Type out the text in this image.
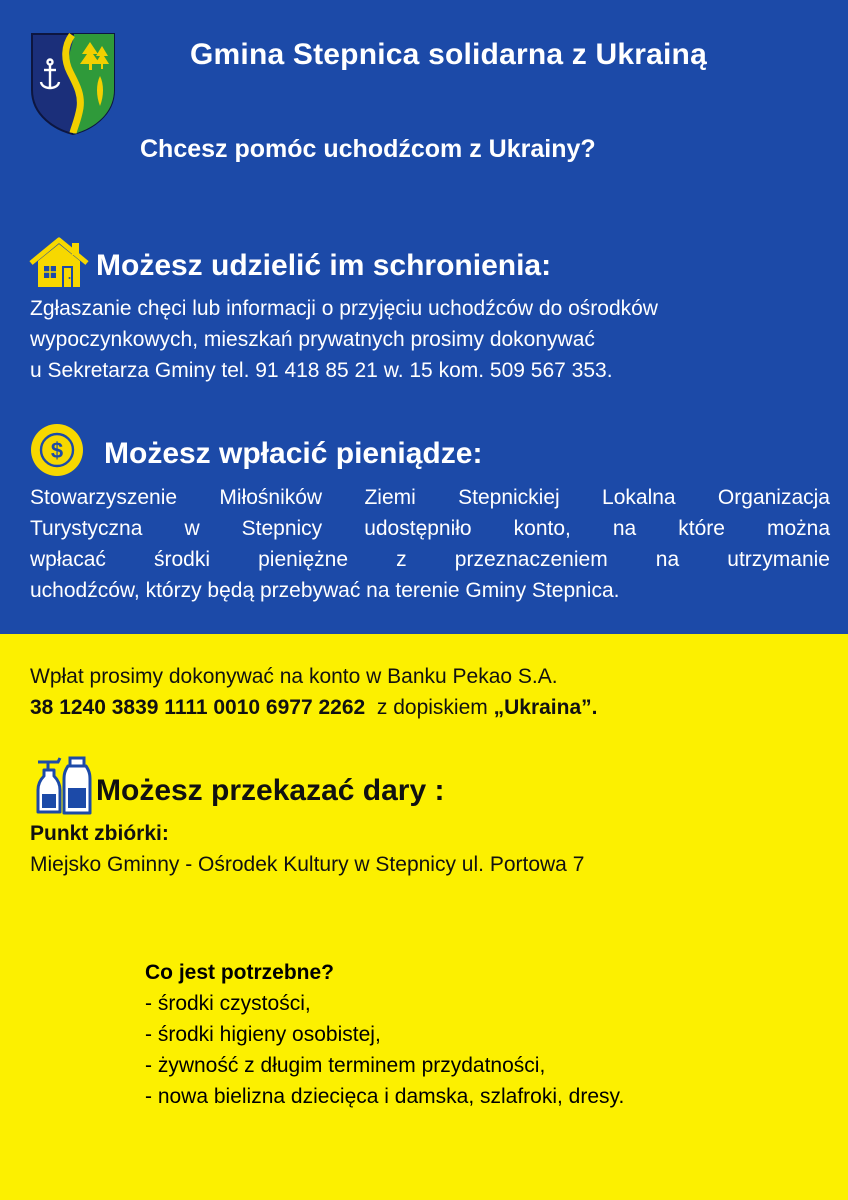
Gmina Stepnica solidarna z Ukrainą
Chcesz pomóc uchodźcom z Ukrainy?
Możesz udzielić im schronienia:
Zgłaszanie chęci lub informacji o przyjęciu uchodźców do ośrodków
wypoczynkowych, mieszkań prywatnych prosimy dokonywać
u Sekretarza Gminy tel. 91 418 85 21 w. 15 kom. 509 567 353.
$ Możesz wpłacić pieniądze:
Stowarzyszenie Miłośników Ziemi Stepnickiej Lokalna Organizacja
Turystyczna w Stepnicy udostępniło konto, na które można
wpłacać środki pieniężne z przeznaczeniem na utrzymanie
uchodźców, którzy będą przebywać na terenie Gminy Stepnica.
Wpłat prosimy dokonywać na konto w Banku Pekao S.A.
38 1240 3839 1111 0010 6977 2262  z dopiskiem „Ukraina”.
Możesz przekazać dary :
Punkt zbiórki:
Miejsko Gminny - Ośrodek Kultury w Stepnicy ul. Portowa 7
Co jest potrzebne?
- środki czystości,
- środki higieny osobistej,
- żywność z długim terminem przydatności,
- nowa bielizna dziecięca i damska, szlafroki, dresy.
